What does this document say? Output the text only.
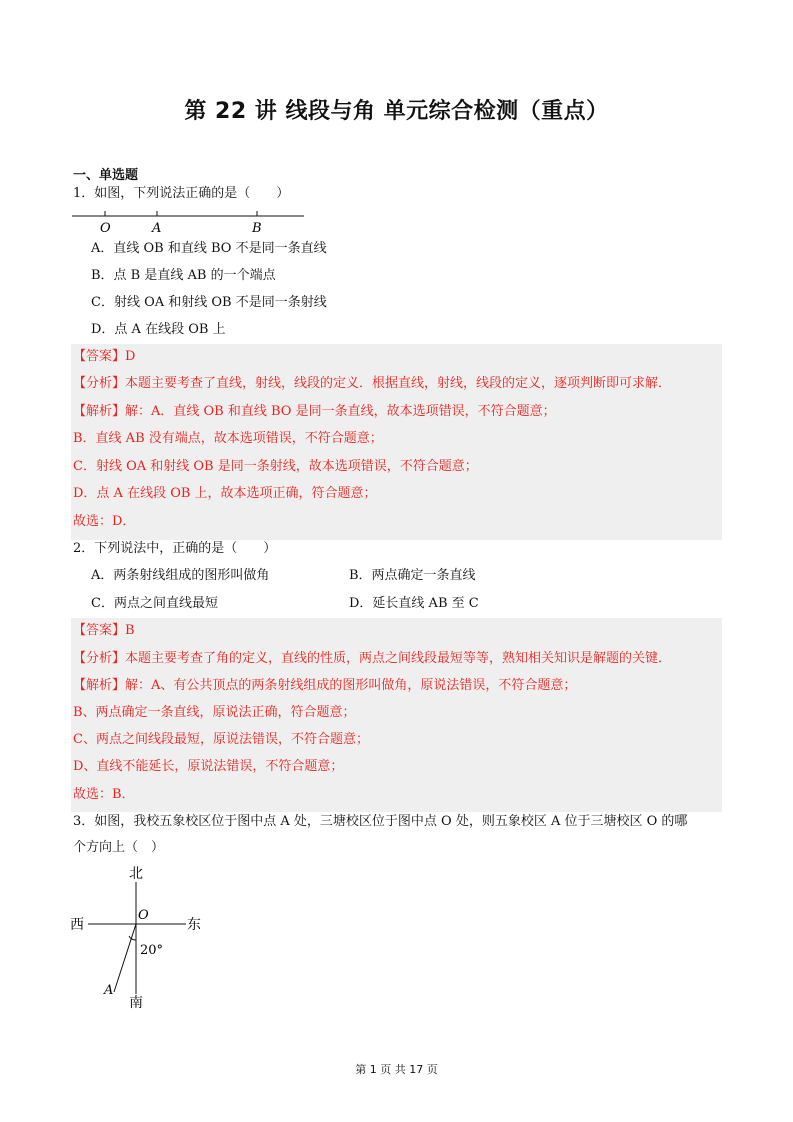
第 22 讲 线段与角 单元综合检测（重点）
一、单选题
1．如图，下列说法正确的是（　　）
O	A	B
A．直线 OB 和直线 BO 不是同一条直线
B．点 B 是直线 AB 的一个端点
C．射线 OA 和射线 OB 不是同一条射线
D．点 A 在线段 OB 上
【答案】D
【分析】本题主要考查了直线，射线，线段的定义．根据直线，射线，线段的定义，逐项判断即可求解．
【解析】解：A．直线 OB 和直线 BO 是同一条直线，故本选项错误，不符合题意；
B．直线 AB 没有端点，故本选项错误，不符合题意；
C．射线 OA 和射线 OB 是同一条射线，故本选项错误，不符合题意；
D．点 A 在线段 OB 上，故本选项正确，符合题意；
故选：D．
2．下列说法中，正确的是（　　）
A．两条射线组成的图形叫做角	B．两点确定一条直线
C．两点之间直线最短	D．延长直线 AB 至 C
【答案】B
【分析】本题主要考查了角的定义，直线的性质，两点之间线段最短等等，熟知相关知识是解题的关键．
【解析】解：A、有公共顶点的两条射线组成的图形叫做角，原说法错误，不符合题意；
B、两点确定一条直线，原说法正确，符合题意；
C、两点之间线段最短，原说法错误，不符合题意；
D、直线不能延长，原说法错误，不符合题意；
故选：B．
3．如图，我校五象校区位于图中点 A 处，三塘校区位于图中点 O 处，则五象校区 A 位于三塘校区 O 的哪
个方向上（　）
北
南
西	东
O
A
20°
第 1 页 共 17 页
